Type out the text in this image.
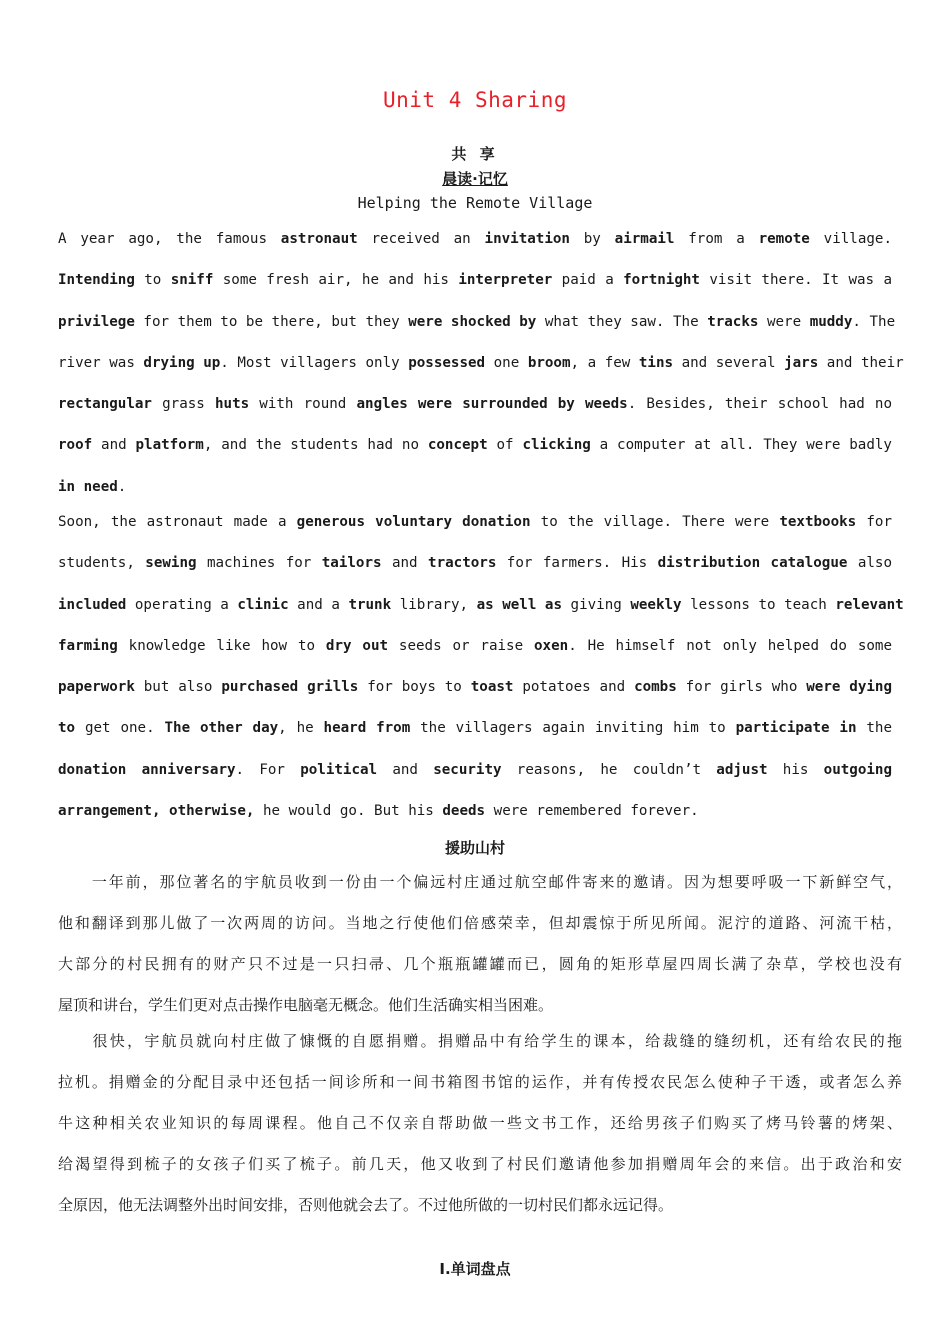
Unit 4 Sharing
共 享
晨读·记忆
Helping the Remote Village
A year ago, the famous astronaut received an invitation by airmail from a remote village.
Intending to sniff some fresh air, he and his interpreter paid a fortnight visit there. It was a
privilege for them to be there, but they were shocked by what they saw. The tracks were muddy. The
river was drying up. Most villagers only possessed one broom, a few tins and several jars and their
rectangular grass huts with round angles were surrounded by weeds. Besides, their school had no
roof and platform, and the students had no concept of clicking a computer at all. They were badly
in need.
Soon, the astronaut made a generous voluntary donation to the village. There were textbooks for
students, sewing machines for tailors and tractors for farmers. His distribution catalogue also
included operating a clinic and a trunk library, as well as giving weekly lessons to teach relevant
farming knowledge like how to dry out seeds or raise oxen. He himself not only helped do some
paperwork but also purchased grills for boys to toast potatoes and combs for girls who were dying
to get one. The other day, he heard from the villagers again inviting him to participate in the
donation anniversary. For political and security reasons, he couldn’t adjust his outgoing
arrangement, otherwise, he would go. But his deeds were remembered forever.
援助山村
　　一年前，那位著名的宇航员收到一份由一个偏远村庄通过航空邮件寄来的邀请。因为想要呼吸一下新鲜空气，
他和翻译到那儿做了一次两周的访问。当地之行使他们倍感荣幸，但却震惊于所见所闻。泥泞的道路、河流干枯，
大部分的村民拥有的财产只不过是一只扫帚、几个瓶瓶罐罐而已，圆角的矩形草屋四周长满了杂草，学校也没有
屋顶和讲台，学生们更对点击操作电脑毫无概念。他们生活确实相当困难。
　　很快，宇航员就向村庄做了慷慨的自愿捐赠。捐赠品中有给学生的课本，给裁缝的缝纫机，还有给农民的拖
拉机。捐赠金的分配目录中还包括一间诊所和一间书箱图书馆的运作，并有传授农民怎么使种子干透，或者怎么养
牛这种相关农业知识的每周课程。他自己不仅亲自帮助做一些文书工作，还给男孩子们购买了烤马铃薯的烤架、
给渴望得到梳子的女孩子们买了梳子。前几天，他又收到了村民们邀请他参加捐赠周年会的来信。出于政治和安
全原因，他无法调整外出时间安排，否则他就会去了。不过他所做的一切村民们都永远记得。
I.单词盘点
